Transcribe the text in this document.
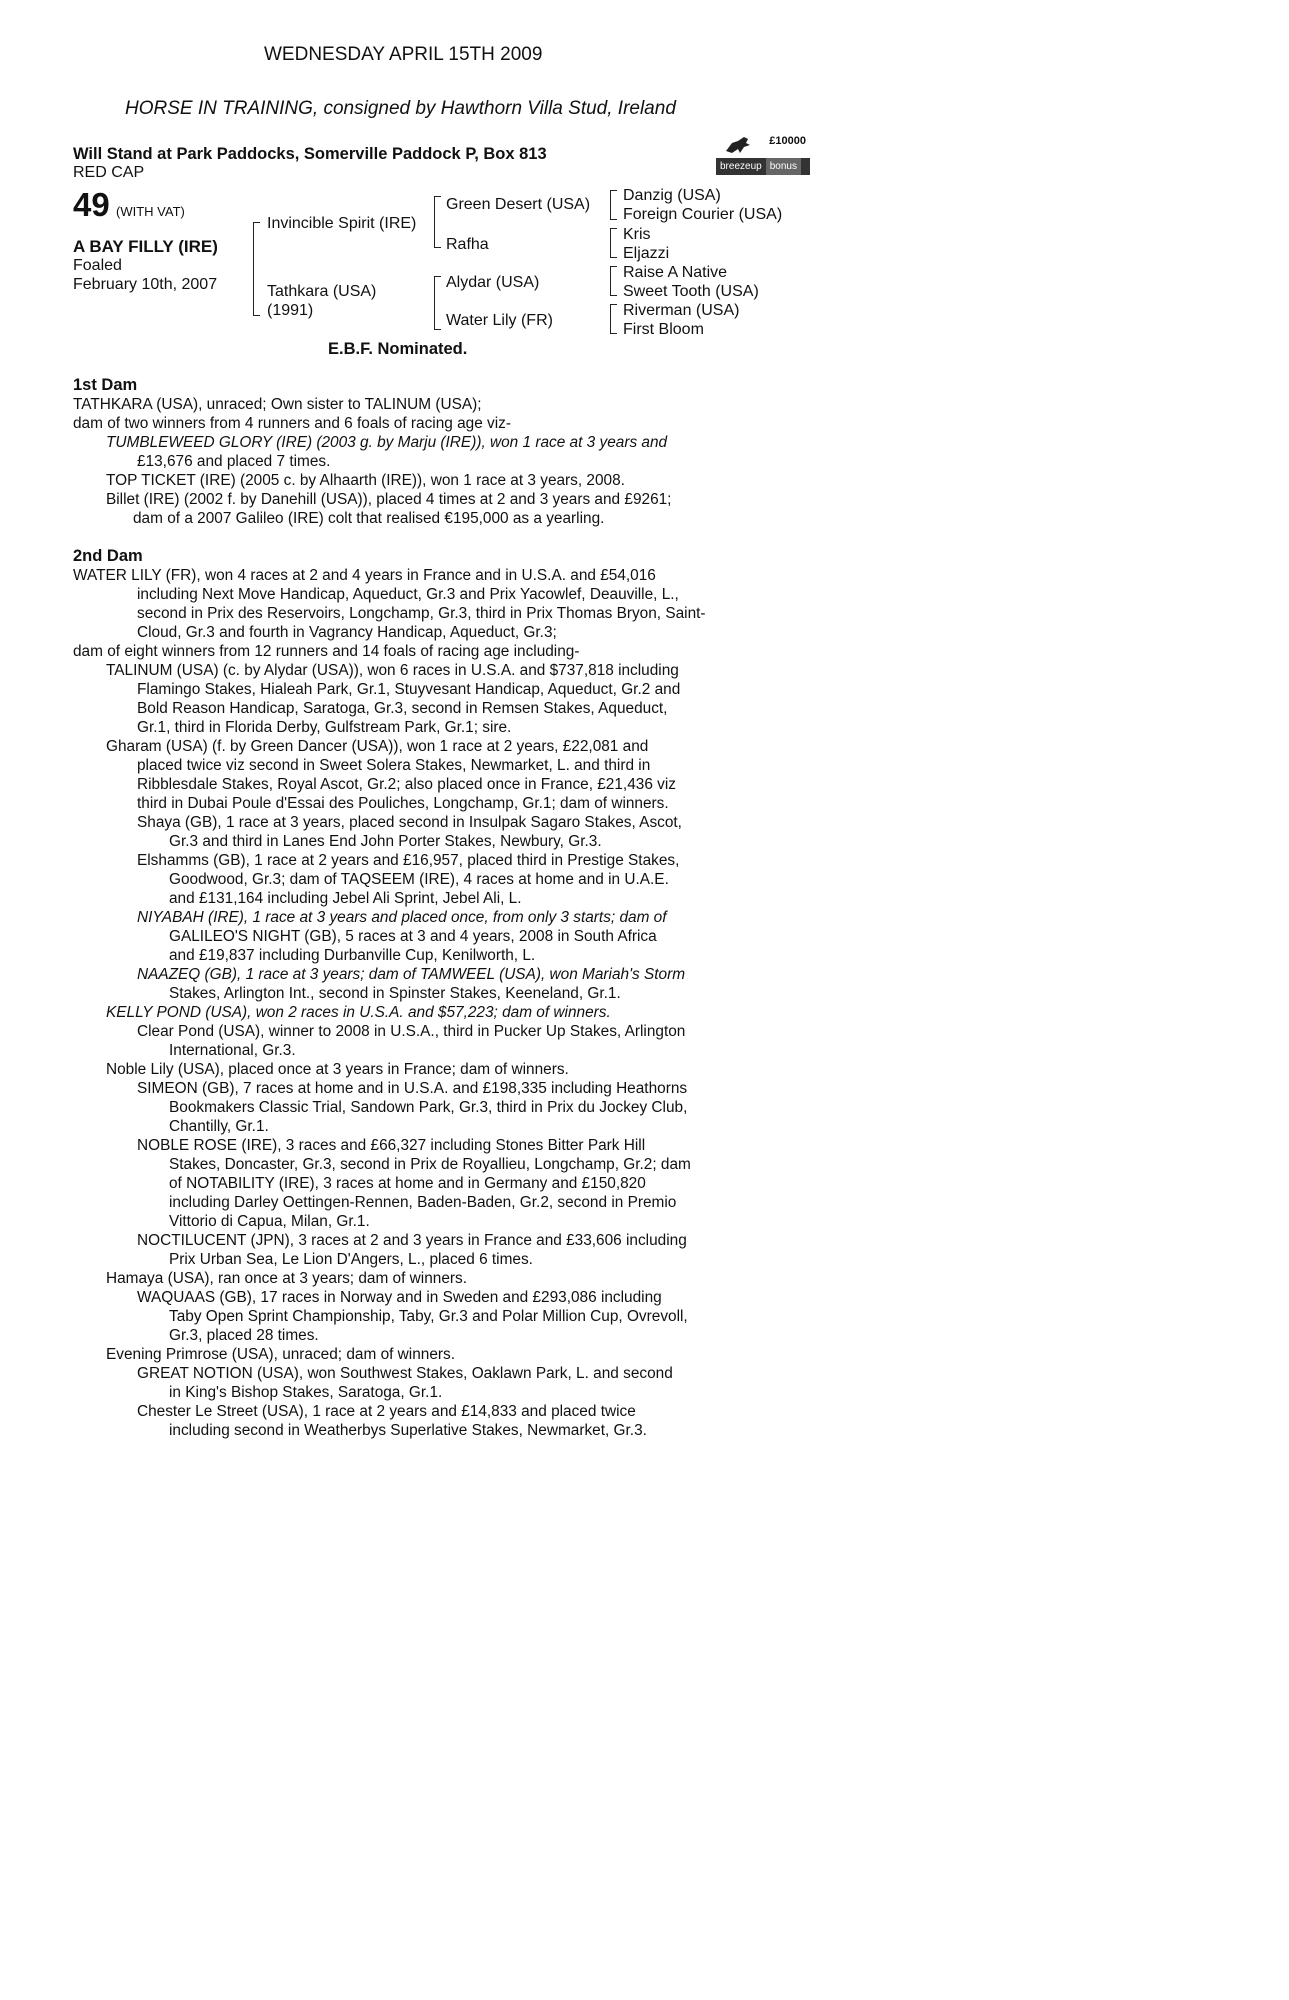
WEDNESDAY APRIL 15TH 2009
HORSE IN TRAINING, consigned by Hawthorn Villa Stud, Ireland
Will Stand at Park Paddocks, Somerville Paddock P, Box 813
RED CAP
£10000
breezeup bonus
49 (WITH VAT)
A BAY FILLY (IRE)
Foaled
February 10th, 2007
Invincible Spirit (IRE)
Tathkara (USA)
(1991)
Green Desert (USA)
Rafha
Alydar (USA)
Water Lily (FR)
Danzig (USA)
Foreign Courier (USA)
Kris
Eljazzi
Raise A Native
Sweet Tooth (USA)
Riverman (USA)
First Bloom
E.B.F. Nominated.
1st Dam
TATHKARA (USA), unraced; Own sister to TALINUM (USA);
dam of two winners from 4 runners and 6 foals of racing age viz-
TUMBLEWEED GLORY (IRE) (2003 g. by Marju (IRE)), won 1 race at 3 years and
£13,676 and placed 7 times.
TOP TICKET (IRE) (2005 c. by Alhaarth (IRE)), won 1 race at 3 years, 2008.
Billet (IRE) (2002 f. by Danehill (USA)), placed 4 times at 2 and 3 years and £9261;
dam of a 2007 Galileo (IRE) colt that realised €195,000 as a yearling.
2nd Dam
WATER LILY (FR), won 4 races at 2 and 4 years in France and in U.S.A. and £54,016
including Next Move Handicap, Aqueduct, Gr.3 and Prix Yacowlef, Deauville, L.,
second in Prix des Reservoirs, Longchamp, Gr.3, third in Prix Thomas Bryon, Saint-
Cloud, Gr.3 and fourth in Vagrancy Handicap, Aqueduct, Gr.3;
dam of eight winners from 12 runners and 14 foals of racing age including-
TALINUM (USA) (c. by Alydar (USA)), won 6 races in U.S.A. and $737,818 including
Flamingo Stakes, Hialeah Park, Gr.1, Stuyvesant Handicap, Aqueduct, Gr.2 and
Bold Reason Handicap, Saratoga, Gr.3, second in Remsen Stakes, Aqueduct,
Gr.1, third in Florida Derby, Gulfstream Park, Gr.1; sire.
Gharam (USA) (f. by Green Dancer (USA)), won 1 race at 2 years, £22,081 and
placed twice viz second in Sweet Solera Stakes, Newmarket, L. and third in
Ribblesdale Stakes, Royal Ascot, Gr.2; also placed once in France, £21,436 viz
third in Dubai Poule d'Essai des Pouliches, Longchamp, Gr.1; dam of winners.
Shaya (GB), 1 race at 3 years, placed second in Insulpak Sagaro Stakes, Ascot,
Gr.3 and third in Lanes End John Porter Stakes, Newbury, Gr.3.
Elshamms (GB), 1 race at 2 years and £16,957, placed third in Prestige Stakes,
Goodwood, Gr.3; dam of TAQSEEM (IRE), 4 races at home and in U.A.E.
and £131,164 including Jebel Ali Sprint, Jebel Ali, L.
NIYABAH (IRE), 1 race at 3 years and placed once, from only 3 starts; dam of
GALILEO'S NIGHT (GB), 5 races at 3 and 4 years, 2008 in South Africa
and £19,837 including Durbanville Cup, Kenilworth, L.
NAAZEQ (GB), 1 race at 3 years; dam of TAMWEEL (USA), won Mariah's Storm
Stakes, Arlington Int., second in Spinster Stakes, Keeneland, Gr.1.
KELLY POND (USA), won 2 races in U.S.A. and $57,223; dam of winners.
Clear Pond (USA), winner to 2008 in U.S.A., third in Pucker Up Stakes, Arlington
International, Gr.3.
Noble Lily (USA), placed once at 3 years in France; dam of winners.
SIMEON (GB), 7 races at home and in U.S.A. and £198,335 including Heathorns
Bookmakers Classic Trial, Sandown Park, Gr.3, third in Prix du Jockey Club,
Chantilly, Gr.1.
NOBLE ROSE (IRE), 3 races and £66,327 including Stones Bitter Park Hill
Stakes, Doncaster, Gr.3, second in Prix de Royallieu, Longchamp, Gr.2; dam
of NOTABILITY (IRE), 3 races at home and in Germany and £150,820
including Darley Oettingen-Rennen, Baden-Baden, Gr.2, second in Premio
Vittorio di Capua, Milan, Gr.1.
NOCTILUCENT (JPN), 3 races at 2 and 3 years in France and £33,606 including
Prix Urban Sea, Le Lion D'Angers, L., placed 6 times.
Hamaya (USA), ran once at 3 years; dam of winners.
WAQUAAS (GB), 17 races in Norway and in Sweden and £293,086 including
Taby Open Sprint Championship, Taby, Gr.3 and Polar Million Cup, Ovrevoll,
Gr.3, placed 28 times.
Evening Primrose (USA), unraced; dam of winners.
GREAT NOTION (USA), won Southwest Stakes, Oaklawn Park, L. and second
in King's Bishop Stakes, Saratoga, Gr.1.
Chester Le Street (USA), 1 race at 2 years and £14,833 and placed twice
including second in Weatherbys Superlative Stakes, Newmarket, Gr.3.
